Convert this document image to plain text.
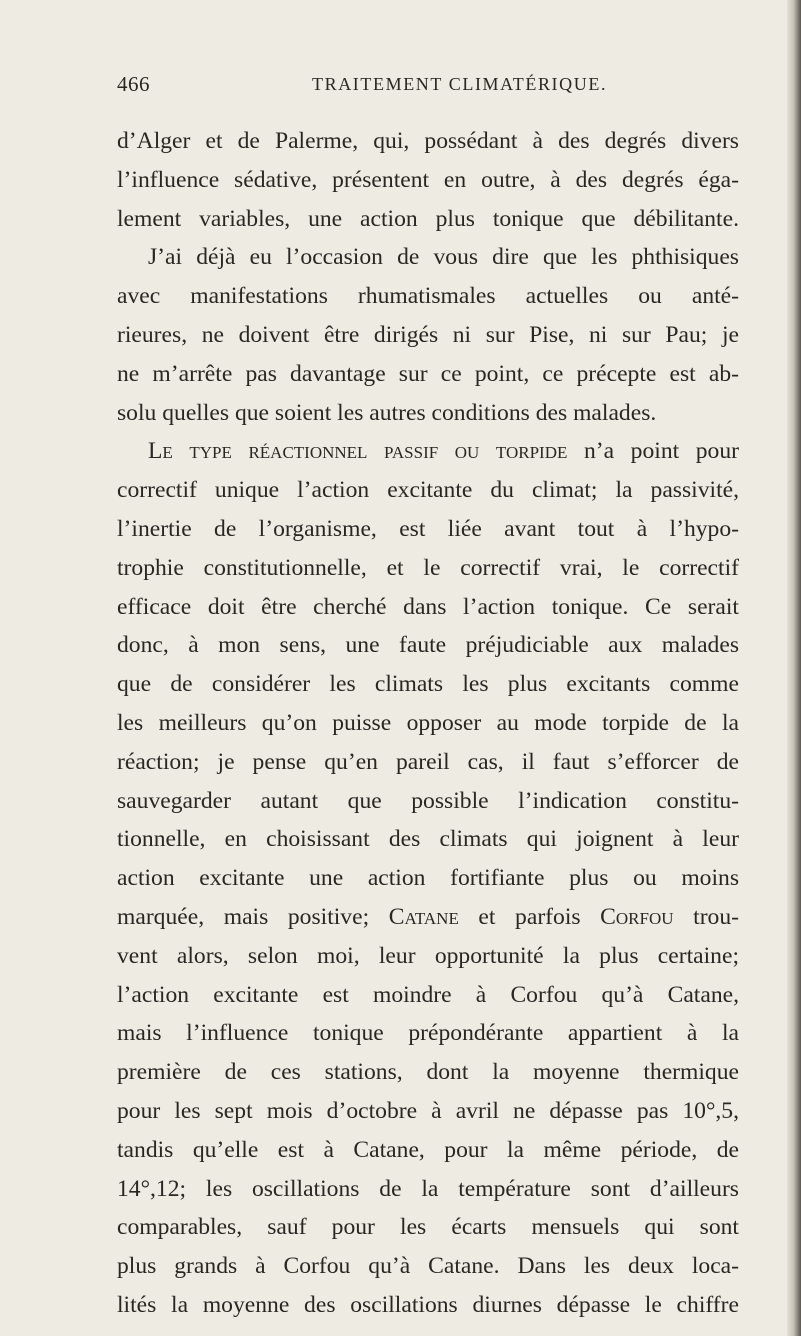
466	TRAITEMENT CLIMATÉRIQUE.
d’Alger et de Palerme, qui, possédant à des degrés divers
l’influence sédative, présentent en outre, à des degrés éga-
lement variables, une action plus tonique que débilitante.
J’ai déjà eu l’occasion de vous dire que les phthisiques
avec manifestations rhumatismales actuelles ou anté-
rieures, ne doivent être dirigés ni sur Pise, ni sur Pau; je
ne m’arrête pas davantage sur ce point, ce précepte est ab-
solu quelles que soient les autres conditions des malades.
Le type réactionnel passif ou torpide n’a point pour
correctif unique l’action excitante du climat; la passivité,
l’inertie de l’organisme, est liée avant tout à l’hypo-
trophie constitutionnelle, et le correctif vrai, le correctif
efficace doit être cherché dans l’action tonique. Ce serait
donc, à mon sens, une faute préjudiciable aux malades
que de considérer les climats les plus excitants comme
les meilleurs qu’on puisse opposer au mode torpide de la
réaction; je pense qu’en pareil cas, il faut s’efforcer de
sauvegarder autant que possible l’indication constitu-
tionnelle, en choisissant des climats qui joignent à leur
action excitante une action fortifiante plus ou moins
marquée, mais positive; Catane et parfois Corfou trou-
vent alors, selon moi, leur opportunité la plus certaine;
l’action excitante est moindre à Corfou qu’à Catane,
mais l’influence tonique prépondérante appartient à la
première de ces stations, dont la moyenne thermique
pour les sept mois d’octobre à avril ne dépasse pas 10°,5,
tandis qu’elle est à Catane, pour la même période, de
14°,12; les oscillations de la température sont d’ailleurs
comparables, sauf pour les écarts mensuels qui sont
plus grands à Corfou qu’à Catane. Dans les deux loca-
lités la moyenne des oscillations diurnes dépasse le chiffre
